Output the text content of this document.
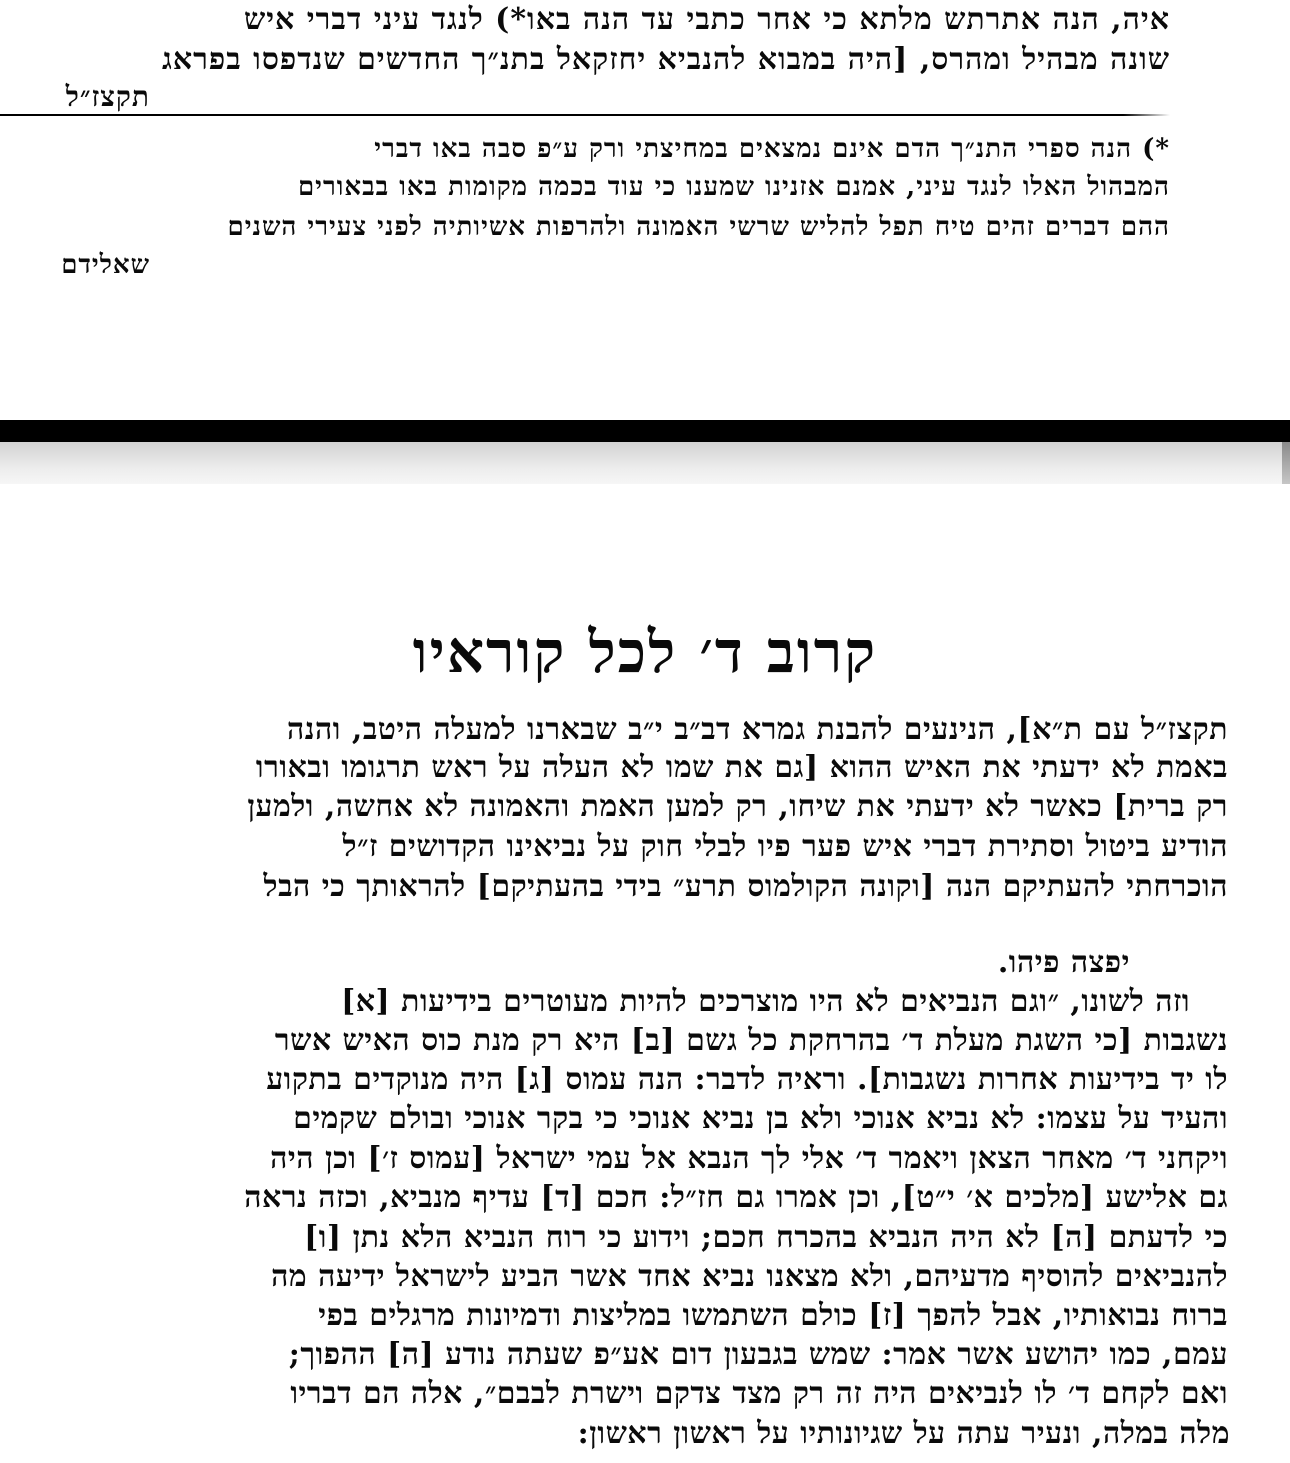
איה, הנה אתרתש מלתא כי אחר כתבי עד הנה באו*) לנגד עיני דברי איש
שונה מבהיל ומהרס, [היה במבוא להנביא יחזקאל בתנ״ך החדשים שנדפסו בפראג
תקצז״ל
*) הנה ספרי התנ״ך הדם אינם נמצאים במחיצתי ורק ע״פ סבה באו דברי
המבהול האלו לנגד עיני, אמנם אזנינו שמענו כי עוד בכמה מקומות באו בבאורים
ההם דברים זהים טיח תפל להליש שרשי האמונה ולהרפות אשיותיה לפני צעירי השנים
שאלידם
קרוב ד׳ לכל קוראיו
תקצז״ל עם ת״א], הנינעים להבנת גמרא דב״ב י״ב שבארנו למעלה היטב, והנה
באמת לא ידעתי את האיש ההוא [גם את שמו לא העלה על ראש תרגומו ובאורו
רק ברית] כאשר לא ידעתי את שיחו, רק למען האמת והאמונה לא אחשה, ולמען
הודיע ביטול וסתירת דברי איש פער פיו לבלי חוק על נביאינו הקדושים ז״ל
הוכרחתי להעתיקם הנה [וקונה הקולמוס תרע״ בידי בהעתיקם] להראותך כי הבל
יפצה פיהו.
וזה לשונו, ״וגם הנביאים לא היו מוצרכים להיות מעוטרים בידיעות [א]
נשגבות [כי השגת מעלת ד׳ בהרחקת כל גשם [ב] היא רק מנת כוס האיש אשר
לו יד בידיעות אחרות נשגבות]. וראיה לדבר: הנה עמוס [ג] היה מנוקדים בתקוע
והעיד על עצמו: לא נביא אנוכי ולא בן נביא אנוכי כי בקר אנוכי ובולם שקמים
ויקחני ד׳ מאחר הצאן ויאמר ד׳ אלי לך הנבא אל עמי ישראל [עמוס ז׳] וכן היה
גם אלישע [מלכים א׳ י״ט], וכן אמרו גם חז״ל: חכם [ד] עדיף מנביא, וכזה נראה
כי לדעתם [ה] לא היה הנביא בהכרח חכם; וידוע כי רוח הנביא הלא נתן [ו]
להנביאים להוסיף מדעיהם, ולא מצאנו נביא אחד אשר הביע לישראל ידיעה מה
ברוח נבואותיו, אבל להפך [ז] כולם השתמשו במליצות ודמיונות מרגלים בפי
עמם, כמו יהושע אשר אמר: שמש בגבעון דום אע״פ שעתה נודע [ה] ההפוך;
ואם לקחם ד׳ לו לנביאים היה זה רק מצד צדקם וישרת לבבם״, אלה הם דבריו
מלה במלה, ונעיר עתה על שגיונותיו על ראשון ראשון:
